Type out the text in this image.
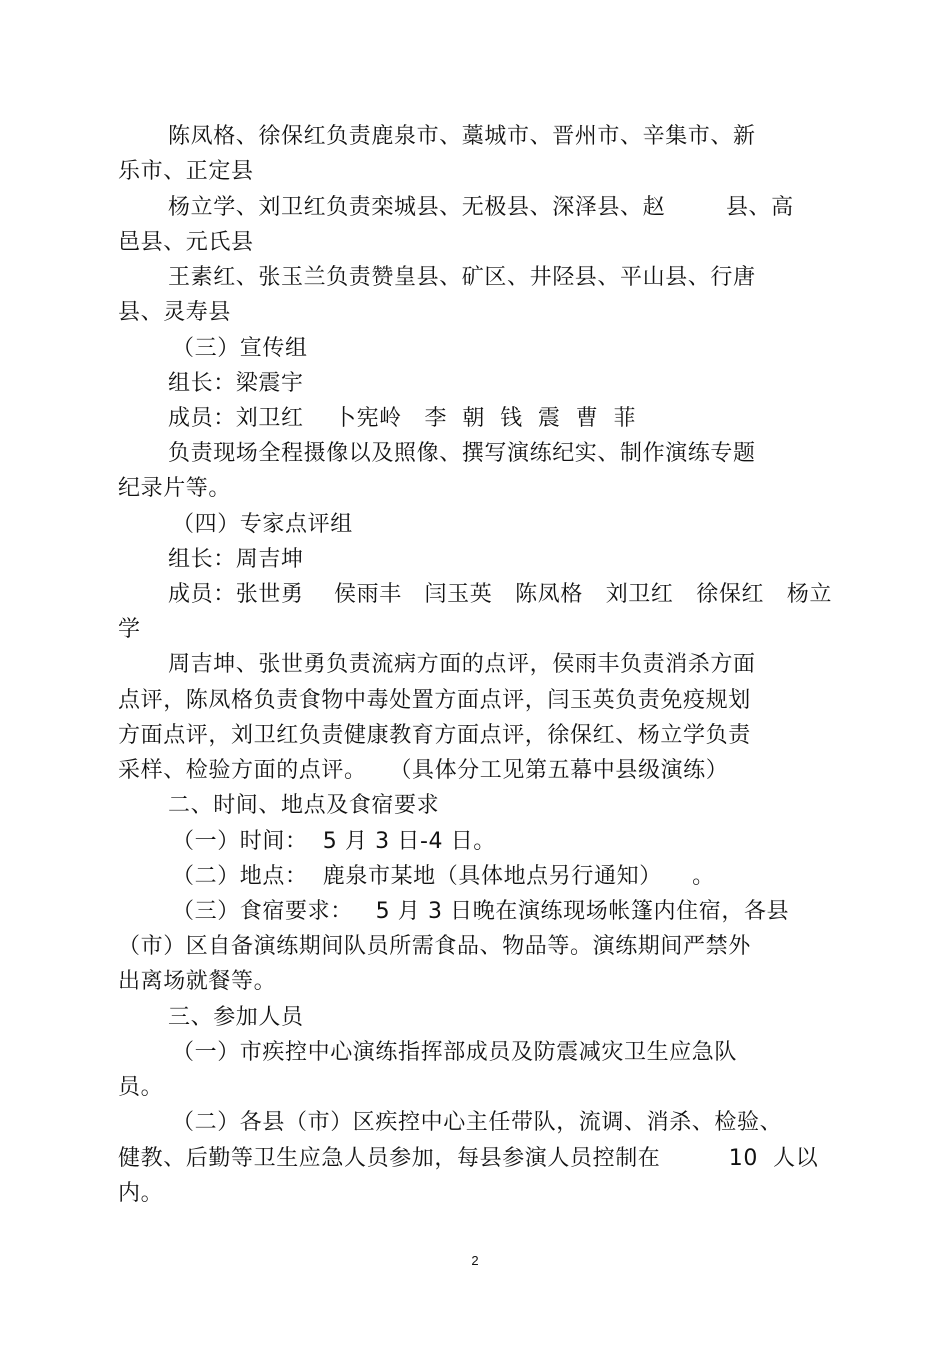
陈凤格、徐保红负责鹿泉市、藁城市、晋州市、辛集市、新
乐市、正定县
杨立学、刘卫红负责栾城县、无极县、深泽县、赵        县、高
邑县、元氏县
王素红、张玉兰负责赞皇县、矿区、井陉县、平山县、行唐
县、灵寿县
（三）宣传组
组长：梁震宇
成员：刘卫红    卜宪岭   李  朝  钱  震  曹  菲
负责现场全程摄像以及照像、撰写演练纪实、制作演练专题
纪录片等。
（四）专家点评组
组长：周吉坤
成员：张世勇    侯雨丰   闫玉英   陈凤格   刘卫红   徐保红   杨立
学
周吉坤、张世勇负责流病方面的点评，侯雨丰负责消杀方面
点评，陈凤格负责食物中毒处置方面点评，闫玉英负责免疫规划
方面点评，刘卫红负责健康教育方面点评，徐保红、杨立学负责
采样、检验方面的点评。   （具体分工见第五幕中县级演练）
二、时间、地点及食宿要求
（一）时间：  5 月 3 日-4 日。
（二）地点：  鹿泉市某地（具体地点另行通知）    。
（三）食宿要求：   5 月 3 日晚在演练现场帐篷内住宿，各县
（市）区自备演练期间队员所需食品、物品等。演练期间严禁外
出离场就餐等。
三、参加人员
（一）市疾控中心演练指挥部成员及防震减灾卫生应急队
员。
（二）各县（市）区疾控中心主任带队，流调、消杀、检验、
健教、后勤等卫生应急人员参加，每县参演人员控制在         10  人以
内。
2
